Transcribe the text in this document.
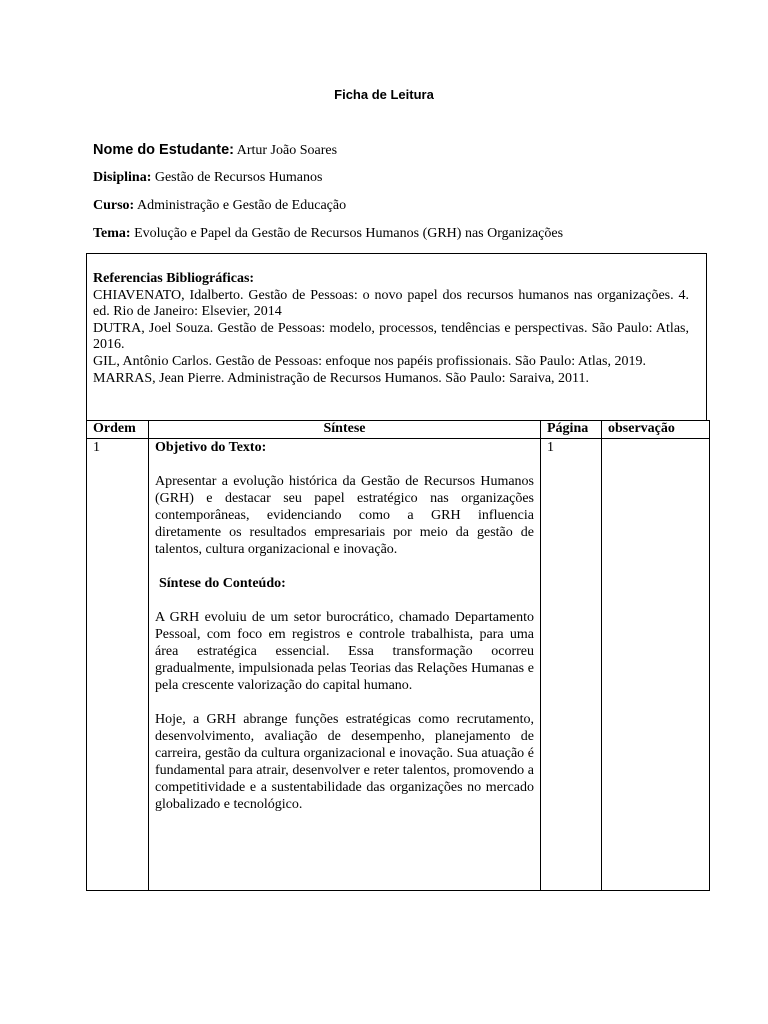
Ficha de Leitura
Nome do Estudante: Artur João Soares
Disiplina: Gestão de Recursos Humanos
Curso: Administração e Gestão de Educação
Tema: Evolução e Papel da Gestão de Recursos Humanos (GRH) nas Organizações
Referencias Bibliográficas:
CHIAVENATO, Idalberto. Gestão de Pessoas: o novo papel dos recursos humanos nas organizações. 4. ed. Rio de Janeiro: Elsevier, 2014
DUTRA, Joel Souza. Gestão de Pessoas: modelo, processos, tendências e perspectivas. São Paulo: Atlas, 2016.
GIL, Antônio Carlos. Gestão de Pessoas: enfoque nos papéis profissionais. São Paulo: Atlas, 2019.
MARRAS, Jean Pierre. Administração de Recursos Humanos. São Paulo: Saraiva, 2011.
Ordem	Síntese	Página	observação
1	Objetivo do Texto:

Apresentar a evolução histórica da Gestão de Recursos Humanos (GRH) e destacar seu papel estratégico nas organizações contemporâneas, evidenciando como a GRH influencia diretamente os resultados empresariais por meio da gestão de talentos, cultura organizacional e inovação.

Síntese do Conteúdo:

A GRH evoluiu de um setor burocrático, chamado Departamento Pessoal, com foco em registros e controle trabalhista, para uma área estratégica essencial. Essa transformação ocorreu gradualmente, impulsionada pelas Teorias das Relações Humanas e pela crescente valorização do capital humano.

Hoje, a GRH abrange funções estratégicas como recrutamento, desenvolvimento, avaliação de desempenho, planejamento de carreira, gestão da cultura organizacional e inovação. Sua atuação é fundamental para atrair, desenvolver e reter talentos, promovendo a competitividade e a sustentabilidade das organizações no mercado globalizado e tecnológico.	1	
